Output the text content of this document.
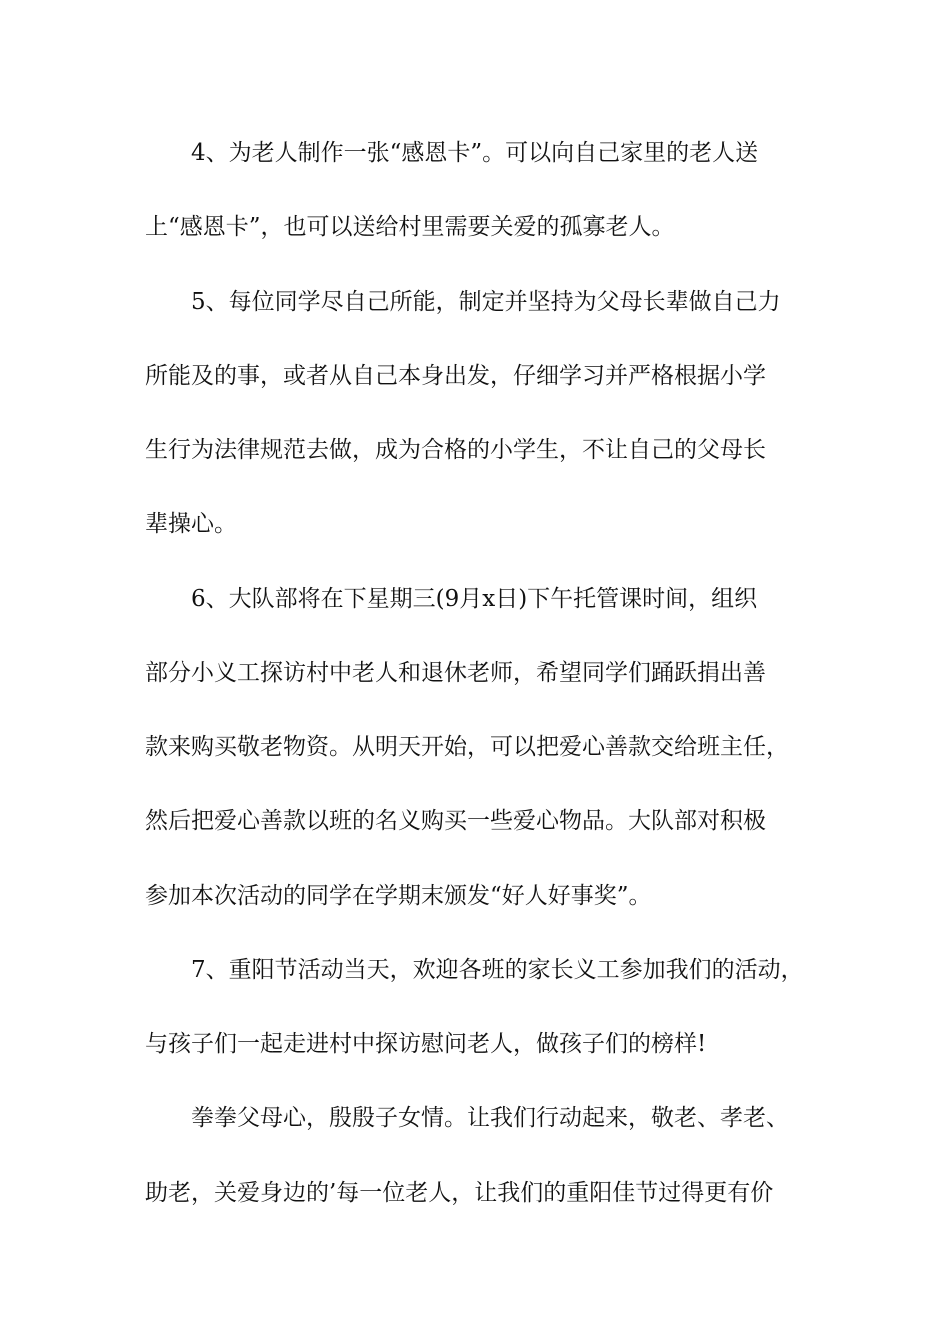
4、为老人制作一张“感恩卡”。可以向自己家里的老人送

上“感恩卡”，也可以送给村里需要关爱的孤寡老人。

5、每位同学尽自己所能，制定并坚持为父母长辈做自己力

所能及的事，或者从自己本身出发，仔细学习并严格根据小学

生行为法律规范去做，成为合格的小学生，不让自己的父母长

辈操心。

6、大队部将在下星期三(9月x日)下午托管课时间，组织

部分小义工探访村中老人和退休老师，希望同学们踊跃捐出善

款来购买敬老物资。从明天开始，可以把爱心善款交给班主任，

然后把爱心善款以班的名义购买一些爱心物品。大队部对积极

参加本次活动的同学在学期末颁发“好人好事奖”。

7、重阳节活动当天，欢迎各班的家长义工参加我们的活动，

与孩子们一起走进村中探访慰问老人，做孩子们的榜样!

拳拳父母心，殷殷子女情。让我们行动起来，敬老、孝老、

助老，关爱身边的’每一位老人，让我们的重阳佳节过得更有价
